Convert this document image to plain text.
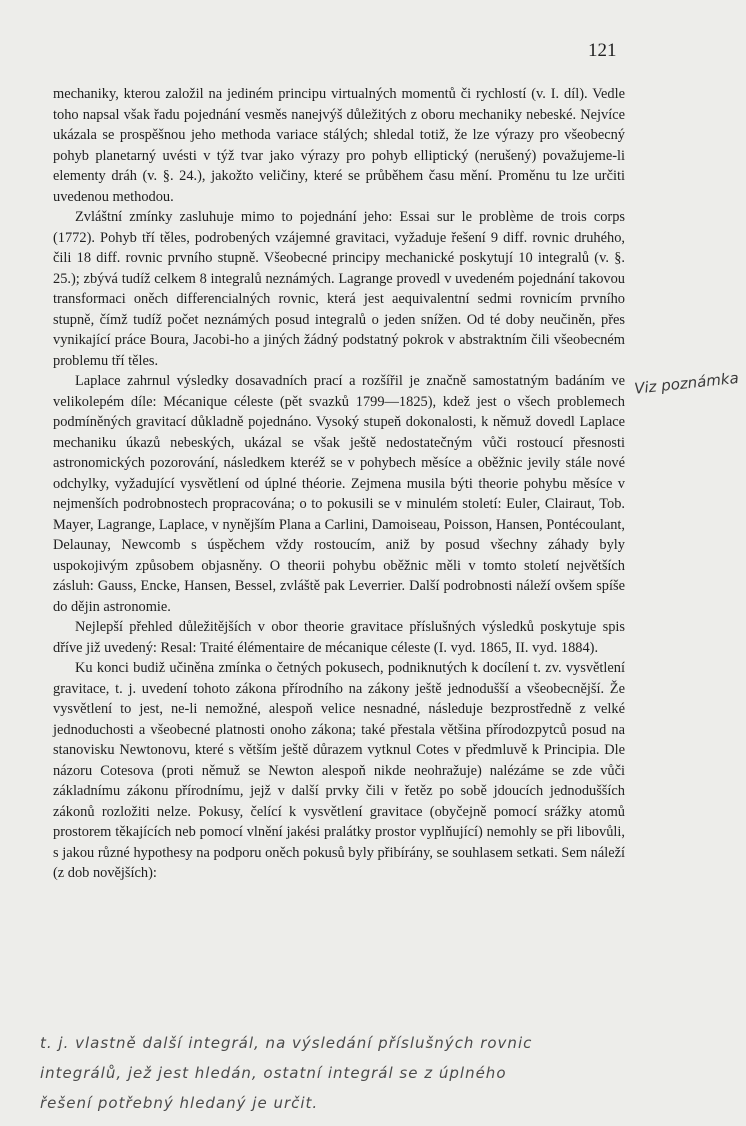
121

mechaniky, kterou založil na jediném principu virtualných momentů či rychlostí (v. I. díl). Vedle toho napsal však řadu pojednání vesměs nanejvýš důležitých z oboru mechaniky nebeské. Nejvíce ukázala se prospěšnou jeho methoda variace stálých; shledal totiž, že lze výrazy pro všeobecný pohyb planetarný uvésti v týž tvar jako výrazy pro pohyb elliptický (nerušený) považujeme-li elementy dráh (v. §. 24.), jakožto veličiny, které se průběhem času mění. Proměnu tu lze určiti uvedenou methodou.

Zvláštní zmínky zasluhuje mimo to pojednání jeho: Essai sur le problème de trois corps (1772). Pohyb tří těles, podrobených vzájemné gravitaci, vyžaduje řešení 9 diff. rovnic druhého, čili 18 diff. rovnic prvního stupně. Všeobecné principy mechanické poskytují 10 integralů (v. §. 25.); zbývá tudíž celkem 8 integralů neznámých. Lagrange provedl v uvedeném pojednání takovou transformaci oněch differencialných rovnic, která jest aequivalentní sedmi rovnicím prvního stupně, čímž tudíž počet neznámých posud integralů o jeden snížen. Od té doby neučiněn, přes vynikající práce Boura, Jacobi-ho a jiných žádný podstatný pokrok v abstraktním čili všeobecném problemu tří těles.

Laplace zahrnul výsledky dosavadních prací a rozšířil je značně samostatným badáním ve velikolepém díle: Mécanique céleste (pět svazků 1799—1825), kdež jest o všech problemech podmíněných gravitací důkladně pojednáno. Vysoký stupeň dokonalosti, k němuž dovedl Laplace mechaniku úkazů nebeských, ukázal se však ještě nedostatečným vůči rostoucí přesnosti astronomických pozorování, následkem kteréž se v pohybech měsíce a oběžnic jevily stále nové odchylky, vyžadující vysvětlení od úplné théorie. Zejmena musila býti theorie pohybu měsíce v nejmenších podrobnostech propracována; o to pokusili se v minulém století: Euler, Clairaut, Tob. Mayer, Lagrange, Laplace, v nynějším Plana a Carlini, Damoiseau, Poisson, Hansen, Pontécoulant, Delaunay, Newcomb s úspěchem vždy rostoucím, aniž by posud všechny záhady byly uspokojivým způsobem objasněny. O theorii pohybu oběžnic měli v tomto století největších zásluh: Gauss, Encke, Hansen, Bessel, zvláště pak Leverrier. Další podrobnosti náleží ovšem spíše do dějin astronomie.

Nejlepší přehled důležitějších v obor theorie gravitace příslušných výsledků poskytuje spis dříve již uvedený: Resal: Traité élémentaire de mécanique céleste (I. vyd. 1865, II. vyd. 1884).

Ku konci budiž učiněna zmínka o četných pokusech, podniknutých k docílení t. zv. vysvětlení gravitace, t. j. uvedení tohoto zákona přírodního na zákony ještě jednodušší a všeobecnější. Že vysvětlení to jest, ne-li nemožné, alespoň velice nesnadné, následuje bezprostředně z velké jednoduchosti a všeobecné platnosti onoho zákona; také přestala většina přírodozpytců posud na stanovisku Newtonovu, které s větším ještě důrazem vytknul Cotes v předmluvě k Principia. Dle názoru Cotesova (proti němuž se Newton alespoň nikde neohražuje) nalézáme se zde vůči základnímu zákonu přírodnímu, jejž v další prvky čili v řetěz po sobě jdoucích jednodušších zákonů rozložiti nelze. Pokusy, čelící k vysvětlení gravitace (obyčejně pomocí srážky atomů prostorem těkajících neb pomocí vlnění jakési pralátky prostor vyplňující) nemohly se při libovůli, s jakou různé hypothesy na podporu oněch pokusů byly přibírány, se souhlasem setkati. Sem náleží (z dob novějších):

Viz poznámka
t. j. vlastně další integrál, na výsledání příslušných rovnic
integrálů, jež jest hledán, ostatní integrál se z úplného
řešení potřebný hledaný je určit.
